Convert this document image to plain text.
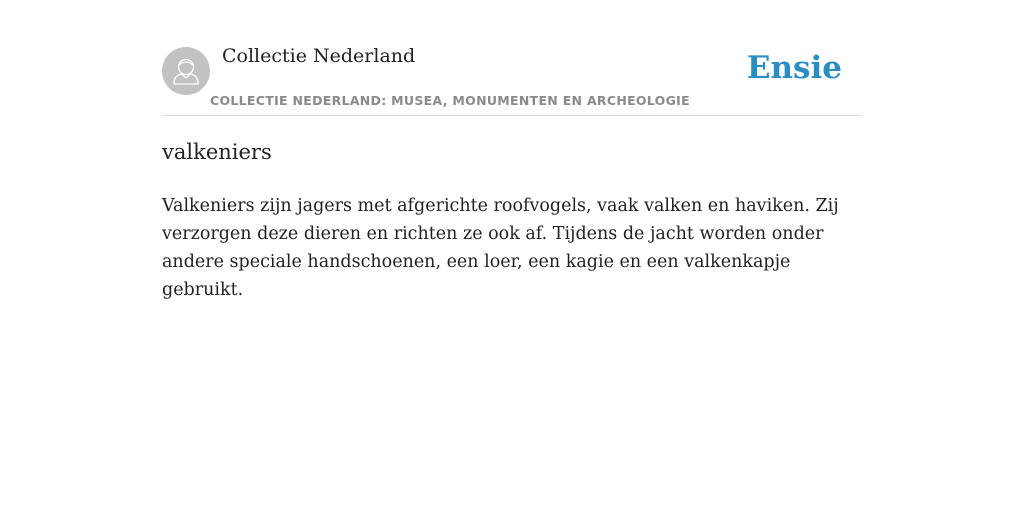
Collectie Nederland
COLLECTIE NEDERLAND: MUSEA, MONUMENTEN EN ARCHEOLOGIE
Ensie
valkeniers

Valkeniers zijn jagers met afgerichte roofvogels, vaak valken en haviken. Zij verzorgen deze dieren en richten ze ook af. Tijdens de jacht worden onder andere speciale handschoenen, een loer, een kagie en een valkenkapje gebruikt.
